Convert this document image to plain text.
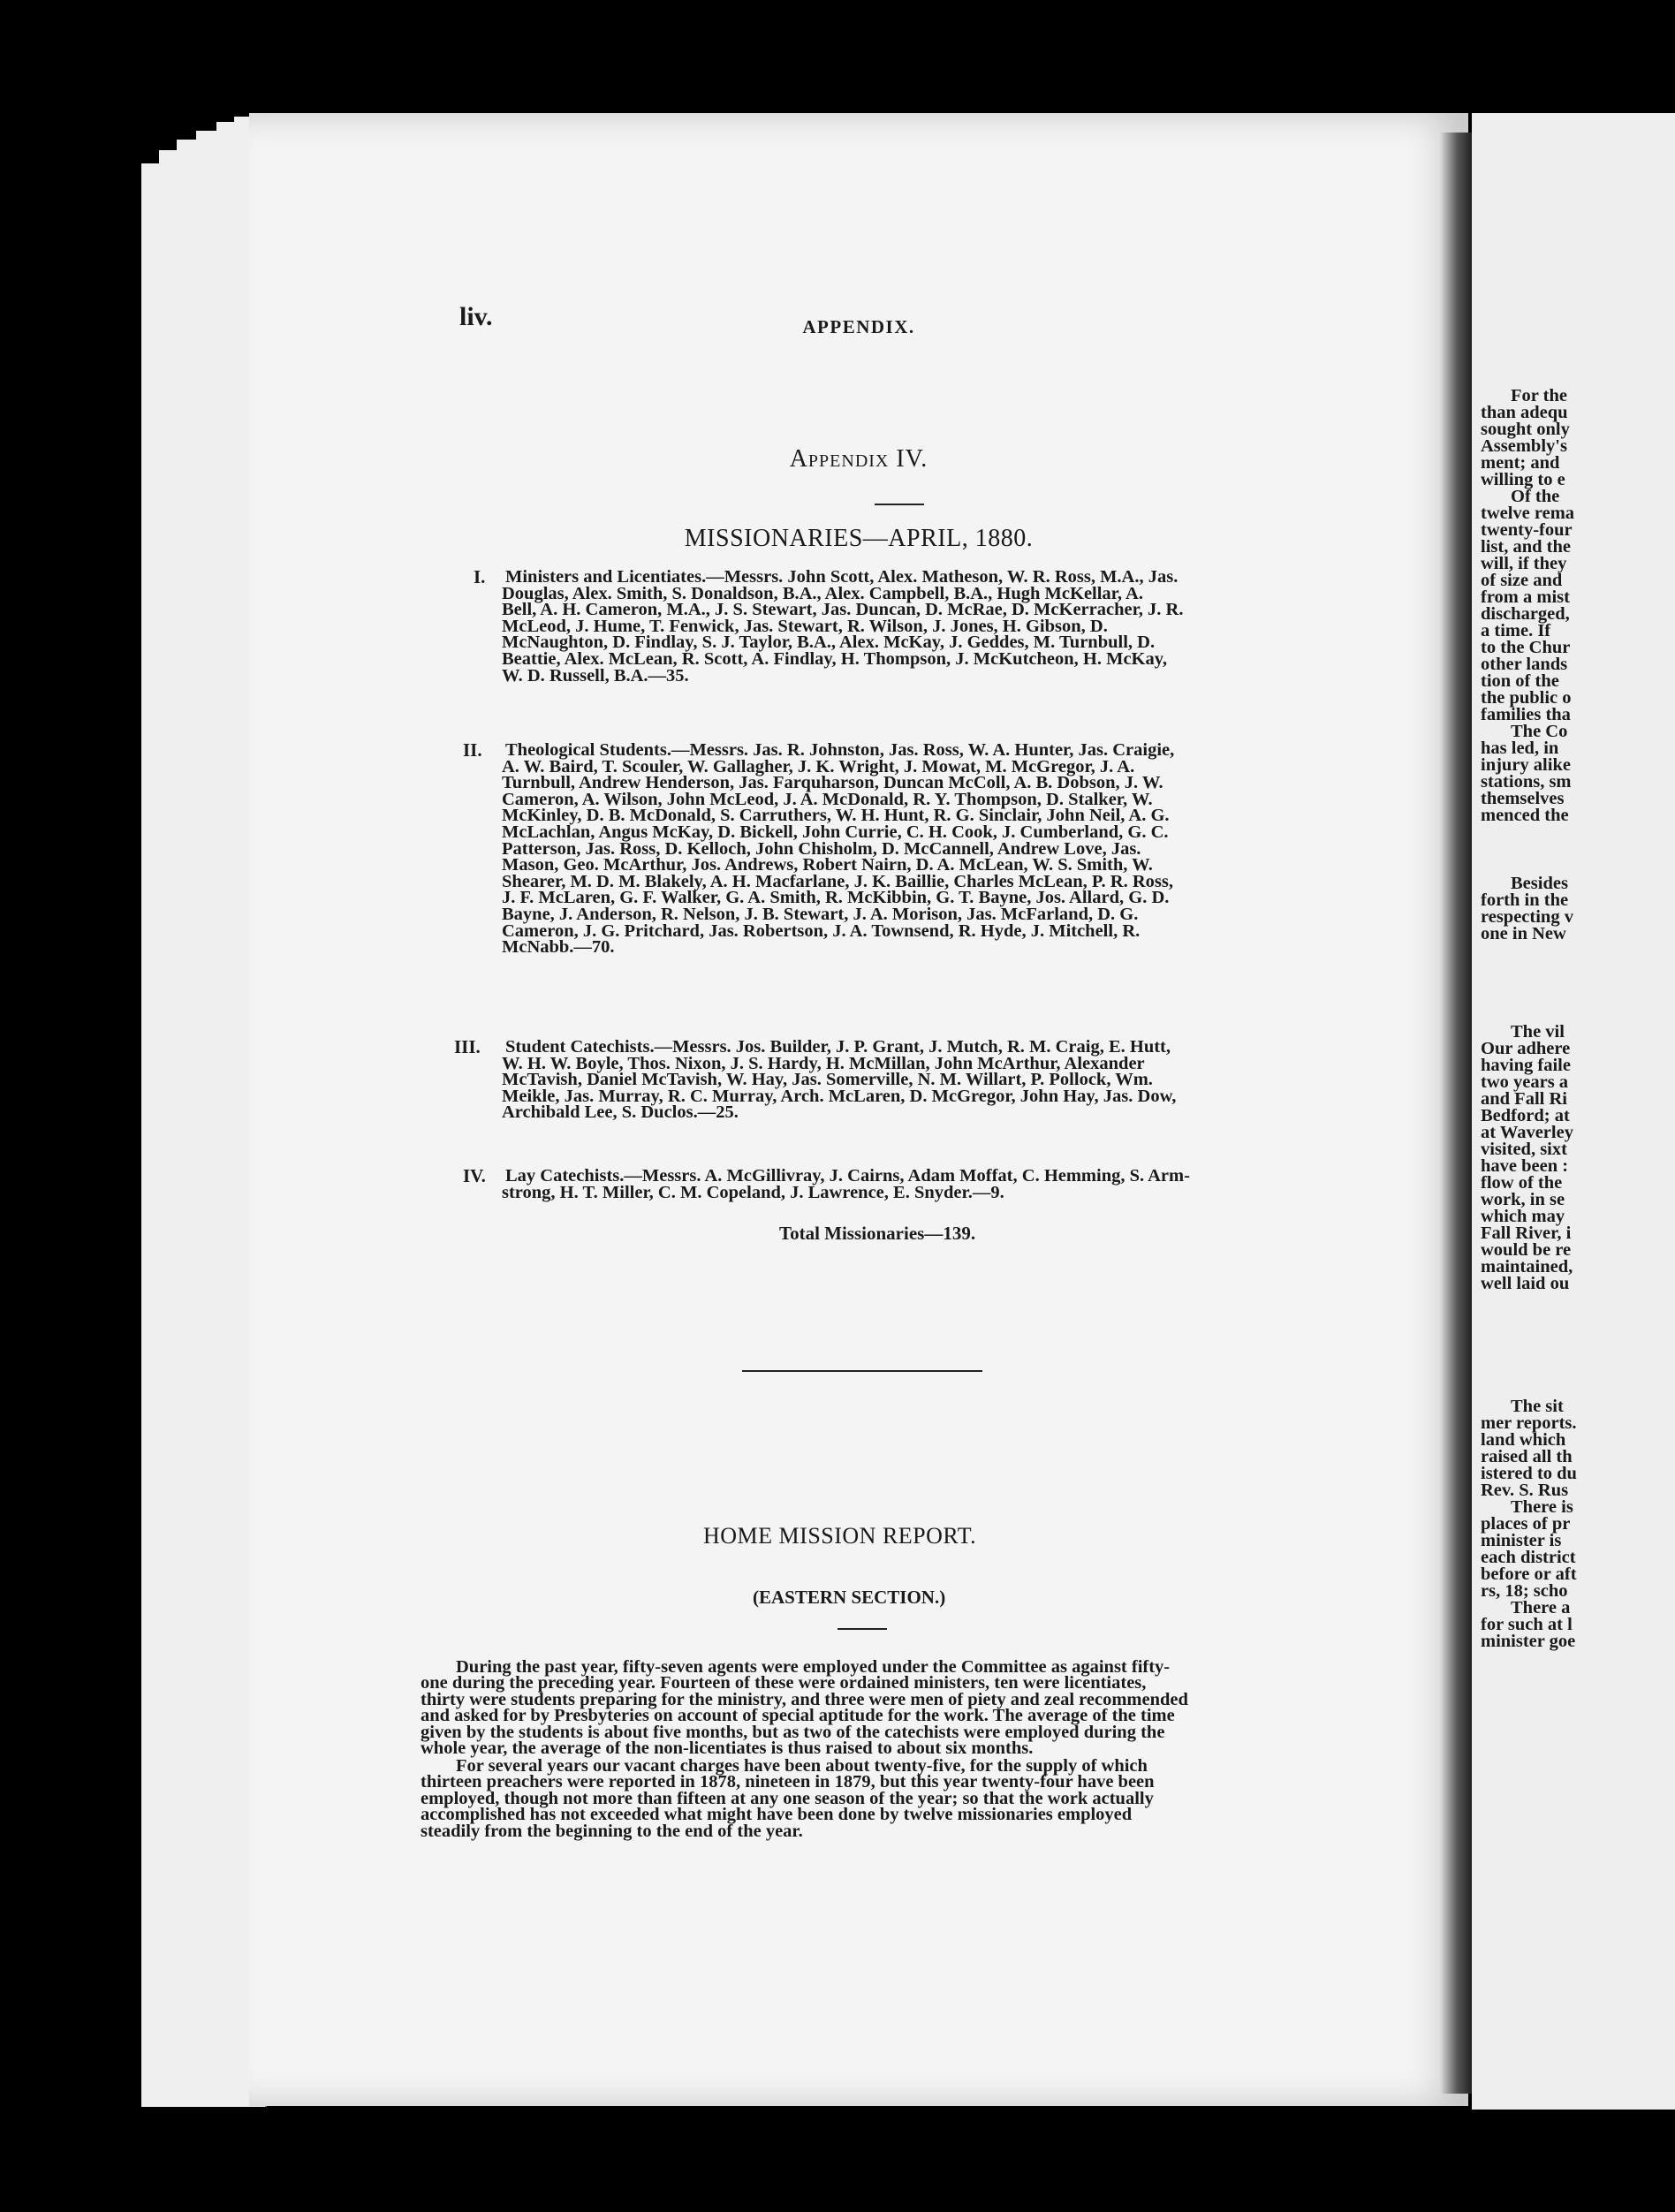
For the
than adequ
sought only
Assembly's
ment; and
willing to e
Of the
twelve rema
twenty-four
list, and the
will, if they
of size and
from a mist
discharged,
a time. If
to the Chur
other lands
tion of the
the public o
families tha
The Co
has led, in
injury alike
stations, sm
themselves
menced the
Besides
forth in the
respecting v
one in New
The vil
Our adhere
having faile
two years a
and Fall Ri
Bedford; at
at Waverley
visited, sixt
have been :
flow of the
work, in se
which may
Fall River, i
would be re
maintained,
well laid ou
The sit
mer reports.
land which
raised all th
istered to du
Rev. S. Rus
There is
places of pr
minister is
each district
before or aft
rs, 18; scho
There a
for such at l
minister goe
liv.	APPENDIX.
Appendix IV.
MISSIONARIES—APRIL, 1880.
I. Ministers and Licentiates.—Messrs. John Scott, Alex. Matheson, W. R. Ross, M.A., Jas.
Douglas, Alex. Smith, S. Donaldson, B.A., Alex. Campbell, B.A., Hugh McKellar, A.
Bell, A. H. Cameron, M.A., J. S. Stewart, Jas. Duncan, D. McRae, D. McKerracher, J. R.
McLeod, J. Hume, T. Fenwick, Jas. Stewart, R. Wilson, J. Jones, H. Gibson, D.
McNaughton, D. Findlay, S. J. Taylor, B.A., Alex. McKay, J. Geddes, M. Turnbull, D.
Beattie, Alex. McLean, R. Scott, A. Findlay, H. Thompson, J. McKutcheon, H. McKay,
W. D. Russell, B.A.—35.
II. Theological Students.—Messrs. Jas. R. Johnston, Jas. Ross, W. A. Hunter, Jas. Craigie,
A. W. Baird, T. Scouler, W. Gallagher, J. K. Wright, J. Mowat, M. McGregor, J. A.
Turnbull, Andrew Henderson, Jas. Farquharson, Duncan McColl, A. B. Dobson, J. W.
Cameron, A. Wilson, John McLeod, J. A. McDonald, R. Y. Thompson, D. Stalker, W.
McKinley, D. B. McDonald, S. Carruthers, W. H. Hunt, R. G. Sinclair, John Neil, A. G.
McLachlan, Angus McKay, D. Bickell, John Currie, C. H. Cook, J. Cumberland, G. C.
Patterson, Jas. Ross, D. Kelloch, John Chisholm, D. McCannell, Andrew Love, Jas.
Mason, Geo. McArthur, Jos. Andrews, Robert Nairn, D. A. McLean, W. S. Smith, W.
Shearer, M. D. M. Blakely, A. H. Macfarlane, J. K. Baillie, Charles McLean, P. R. Ross,
J. F. McLaren, G. F. Walker, G. A. Smith, R. McKibbin, G. T. Bayne, Jos. Allard, G. D.
Bayne, J. Anderson, R. Nelson, J. B. Stewart, J. A. Morison, Jas. McFarland, D. G.
Cameron, J. G. Pritchard, Jas. Robertson, J. A. Townsend, R. Hyde, J. Mitchell, R.
McNabb.—70.
III. Student Catechists.—Messrs. Jos. Builder, J. P. Grant, J. Mutch, R. M. Craig, E. Hutt,
W. H. W. Boyle, Thos. Nixon, J. S. Hardy, H. McMillan, John McArthur, Alexander
McTavish, Daniel McTavish, W. Hay, Jas. Somerville, N. M. Willart, P. Pollock, Wm.
Meikle, Jas. Murray, R. C. Murray, Arch. McLaren, D. McGregor, John Hay, Jas. Dow,
Archibald Lee, S. Duclos.—25.
IV. Lay Catechists.—Messrs. A. McGillivray, J. Cairns, Adam Moffat, C. Hemming, S. Arm-
strong, H. T. Miller, C. M. Copeland, J. Lawrence, E. Snyder.—9.
Total Missionaries—139.
HOME MISSION REPORT.
(EASTERN SECTION.)
During the past year, fifty-seven agents were employed under the Committee as against fifty-
one during the preceding year. Fourteen of these were ordained ministers, ten were licentiates,
thirty were students preparing for the ministry, and three were men of piety and zeal recommended
and asked for by Presbyteries on account of special aptitude for the work. The average of the time
given by the students is about five months, but as two of the catechists were employed during the
whole year, the average of the non-licentiates is thus raised to about six months.
For several years our vacant charges have been about twenty-five, for the supply of which
thirteen preachers were reported in 1878, nineteen in 1879, but this year twenty-four have been
employed, though not more than fifteen at any one season of the year; so that the work actually
accomplished has not exceeded what might have been done by twelve missionaries employed
steadily from the beginning to the end of the year.
